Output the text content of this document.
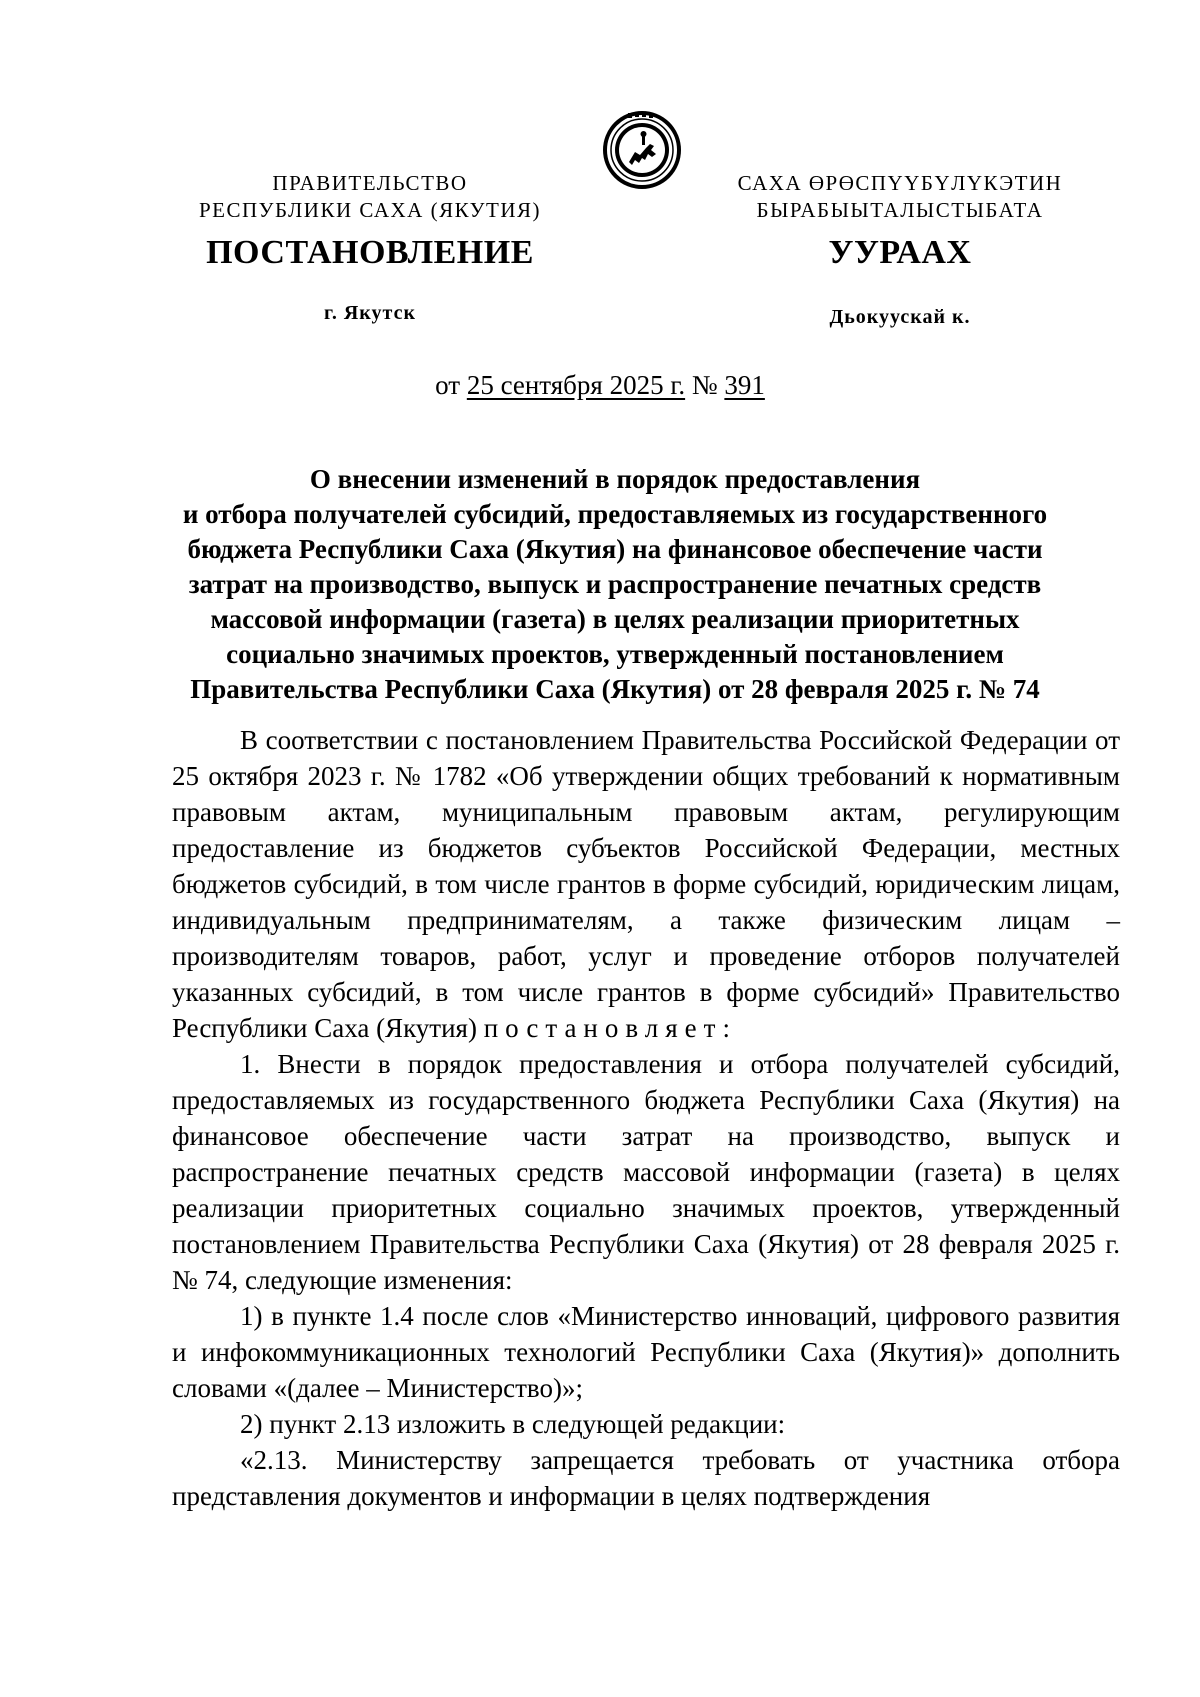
ПРАВИТЕЛЬСТВО
РЕСПУБЛИКИ САХА (ЯКУТИЯ)
САХА ӨРӨСПҮҮБҮЛҮКЭТИН
БЫРАБЫЫТАЛЫСТЫБАТА
ПОСТАНОВЛЕНИЕ	УУРААХ
г. Якутск	Дьокуускай к.
от 25 сентября 2025 г. № 391
О внесении изменений в порядок предоставления
и отбора получателей субсидий, предоставляемых из государственного
бюджета Республики Саха (Якутия) на финансовое обеспечение части
затрат на производство, выпуск и распространение печатных средств
массовой информации (газета) в целях реализации приоритетных
социально значимых проектов, утвержденный постановлением
Правительства Республики Саха (Якутия) от 28 февраля 2025 г. № 74

В соответствии с постановлением Правительства Российской Федерации от 25 октября 2023 г. № 1782 «Об утверждении общих требований к нормативным правовым актам, муниципальным правовым актам, регулирующим предоставление из бюджетов субъектов Российской Федерации, местных бюджетов субсидий, в том числе грантов в форме субсидий, юридическим лицам, индивидуальным предпринимателям, а также физическим лицам – производителям товаров, работ, услуг и проведение отборов получателей указанных субсидий, в том числе грантов в форме субсидий» Правительство Республики Саха (Якутия) постановляет:

1. Внести в порядок предоставления и отбора получателей субсидий, предоставляемых из государственного бюджета Республики Саха (Якутия) на финансовое обеспечение части затрат на производство, выпуск и распространение печатных средств массовой информации (газета) в целях реализации приоритетных социально значимых проектов, утвержденный постановлением Правительства Республики Саха (Якутия) от 28 февраля 2025 г. № 74, следующие изменения:

1) в пункте 1.4 после слов «Министерство инноваций, цифрового развития и инфокоммуникационных технологий Республики Саха (Якутия)» дополнить словами «(далее – Министерство)»;

2) пункт 2.13 изложить в следующей редакции:

«2.13. Министерству запрещается требовать от участника отбора представления документов и информации в целях подтверждения
